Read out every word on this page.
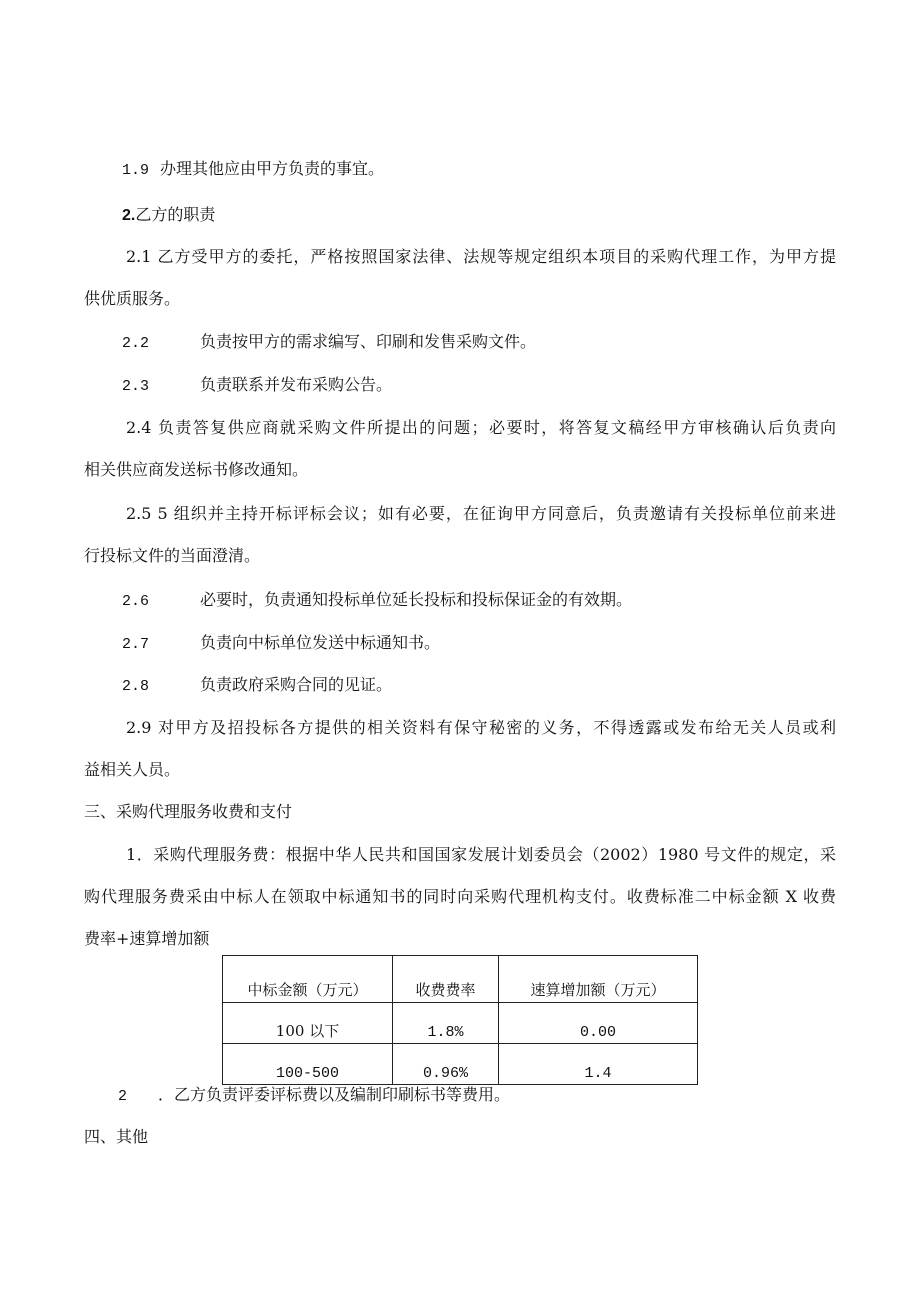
1.9 办理其他应由甲方负责的事宜。
2.乙方的职责
2.1 乙方受甲方的委托，严格按照国家法律、法规等规定组织本项目的采购代理工作，为甲方提
供优质服务。
2.2	负责按甲方的需求编写、印刷和发售采购文件。
2.3	负责联系并发布采购公告。
2.4 负责答复供应商就采购文件所提出的问题；必要时，将答复文稿经甲方审核确认后负责向
相关供应商发送标书修改通知。
2.5 5 组织并主持开标评标会议；如有必要，在征询甲方同意后，负责邀请有关投标单位前来进
行投标文件的当面澄清。
2.6	必要时，负责通知投标单位延长投标和投标保证金的有效期。
2.7	负责向中标单位发送中标通知书。
2.8	负责政府采购合同的见证。
2.9 对甲方及招投标各方提供的相关资料有保守秘密的义务，不得透露或发布给无关人员或利
益相关人员。
三、采购代理服务收费和支付
1．采购代理服务费：根据中华人民共和国国家发展计划委员会（2002）1980 号文件的规定，采
购代理服务费采由中标人在领取中标通知书的同时向采购代理机构支付。收费标准二中标金额 X 收费
费率+速算增加额
中标金额（万元）	收费费率	速算增加额（万元）
100 以下	1.8%	0.00
100-500	0.96%	1.4
2 ．乙方负责评委评标费以及编制印刷标书等费用。
四、其他
